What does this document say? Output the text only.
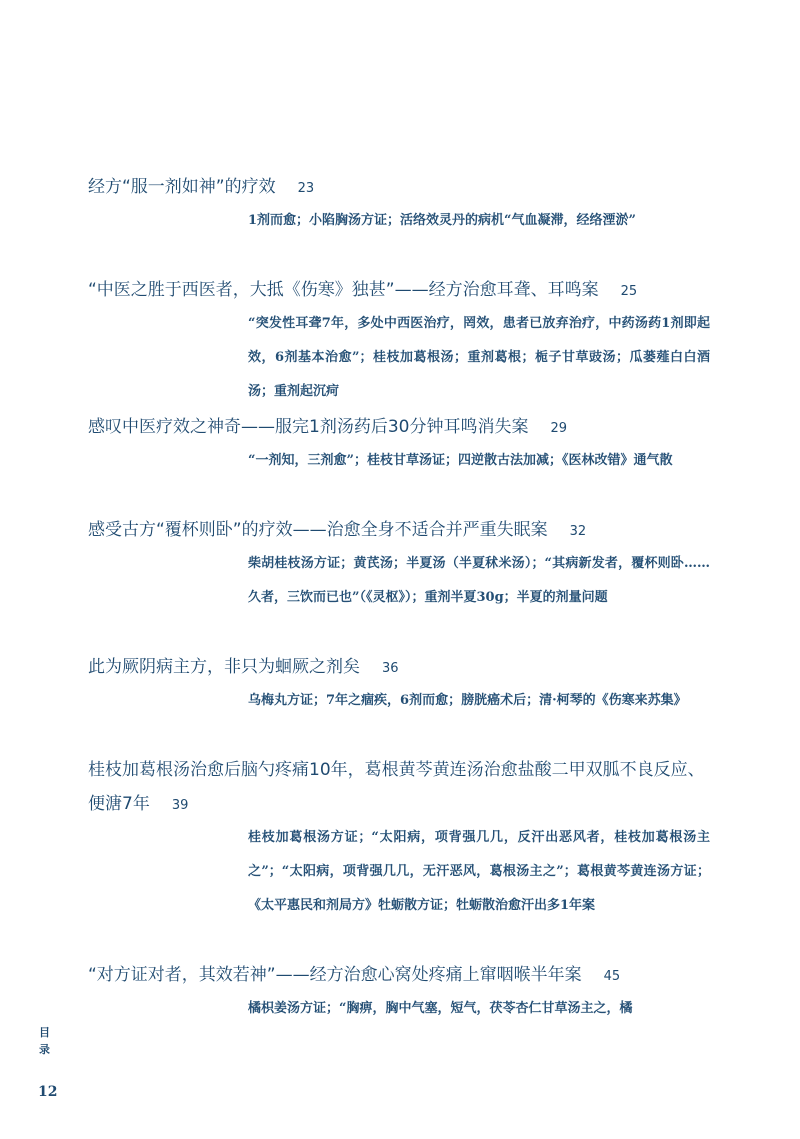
经方“服一剂如神”的疗效 23
1剂而愈；小陷胸汤方证；活络效灵丹的病机“气血凝滞，经络湮淤”
“中医之胜于西医者，大抵《伤寒》独甚”——经方治愈耳聋、耳鸣案 25
“突发性耳聋7年，多处中西医治疗，罔效，患者已放弃治疗，中药汤药1剂即起效，6剂基本治愈”；桂枝加葛根汤；重剂葛根；栀子甘草豉汤；瓜蒌薤白白酒汤；重剂起沉疴
感叹中医疗效之神奇——服完1剂汤药后30分钟耳鸣消失案 29
“一剂知，三剂愈”；桂枝甘草汤证；四逆散古法加减；《医林改错》通气散
感受古方“覆杯则卧”的疗效——治愈全身不适合并严重失眠案 32
柴胡桂枝汤方证；黄芪汤；半夏汤（半夏秫米汤）；“其病新发者，覆杯则卧……久者，三饮而已也”（《灵枢》）；重剂半夏30g；半夏的剂量问题
此为厥阴病主方，非只为蛔厥之剂矣 36
乌梅丸方证；7年之痼疾，6剂而愈；膀胱癌术后；清·柯琴的《伤寒来苏集》
桂枝加葛根汤治愈后脑勺疼痛10年，葛根黄芩黄连汤治愈盐酸二甲双胍不良反应、便溏7年 39
桂枝加葛根汤方证；“太阳病，项背强几几，反汗出恶风者，桂枝加葛根汤主之”；“太阳病，项背强几几，无汗恶风，葛根汤主之”；葛根黄芩黄连汤方证；《太平惠民和剂局方》牡蛎散方证；牡蛎散治愈汗出多1年案
“对方证对者，其效若神”——经方治愈心窝处疼痛上窜咽喉半年案 45
橘枳姜汤方证；“胸痹，胸中气塞，短气，茯苓杏仁甘草汤主之，橘
目录
12
